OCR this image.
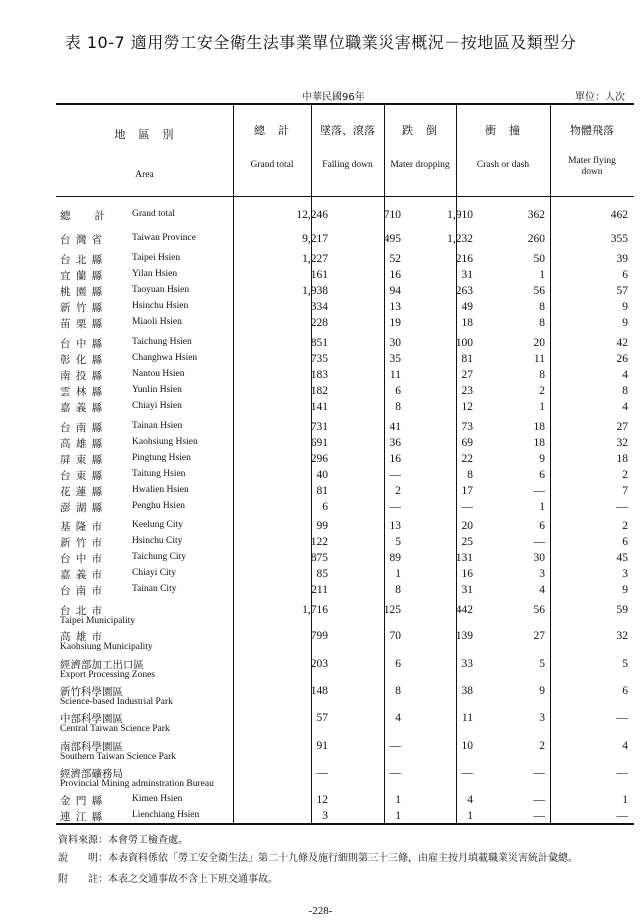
表 10-7 適用勞工安全衛生法事業單位職業災害概況－按地區及類型分
中華民國96年	單位：人次
地　區　別
Area
總　計
Grand total
墜落、滾落
Falling down
跌　倒
Mater dropping
衝　撞
Crash or dash
物體飛落
Mater flying down
總　　計	Grand total	12,246	710	1,910	362	462
台 灣 省	Taiwan Province	9,217	495	1,232	260	355
台 北 縣	Taipei Hsien	1,227	52	216	50	39
宜 蘭 縣	Yilan Hsien	161	16	31	1	6
桃 園 縣	Taoyuan Hsien	1,938	94	263	56	57
新 竹 縣	Hsinchu Hsien	334	13	49	8	9
苗 栗 縣	Miaoli Hsien	228	19	18	8	9
台 中 縣	Taichung Hsien	851	30	100	20	42
彰 化 縣	Changhwa Hsien	735	35	81	11	26
南 投 縣	Nantou Hsien	183	11	27	8	4
雲 林 縣	Yunlin Hsien	182	6	23	2	8
嘉 義 縣	Chiayi Hsien	141	8	12	1	4
台 南 縣	Tainan Hsien	731	41	73	18	27
高 雄 縣	Kaohsiung Hsien	691	36	69	18	32
屏 東 縣	Pingtung Hsien	296	16	22	9	18
台 東 縣	Taitung Hsien	40	—	8	6	2
花 蓮 縣	Hwalien Hsien	81	2	17	—	7
澎 湖 縣	Penghu Hsien	6	—	—	1	—
基 隆 市	Keelung City	99	13	20	6	2
新 竹 市	Hsinchu City	122	5	25	—	6
台 中 市	Taichung City	875	89	131	30	45
嘉 義 市	Chiayi City	85	1	16	3	3
台 南 市	Tainan City	211	8	31	4	9
台 北 市
Taipei Municipality
1,716	125	442	56	59
高 雄 市
Kaohsiung Municipality
799	70	139	27	32
經濟部加工出口區
Export Processing Zones
203	6	33	5	5
新竹科學園區
Science-based Industrial Park
148	8	38	9	6
中部科學園區
Central Taiwan Science Park
57	4	11	3	—
南部科學園區
Southern Taiwan Science Park
91	—	10	2	4
經濟部礦務局
Provincial Mining adminstration Bureau
—	—	—	—	—
金 門 縣	Kimen Hsien	12	1	4	—	1
連 江 縣	Lienchiang Hsien	3	1	1	—	—
資料來源：本會勞工檢查處。
說　　明：本表資料係依「勞工安全衛生法」第二十九條及施行細則第三十三條，由雇主按月填載職業災害統計彙總。
附　　註：本表之交通事故不含上下班交通事故。
-228-
